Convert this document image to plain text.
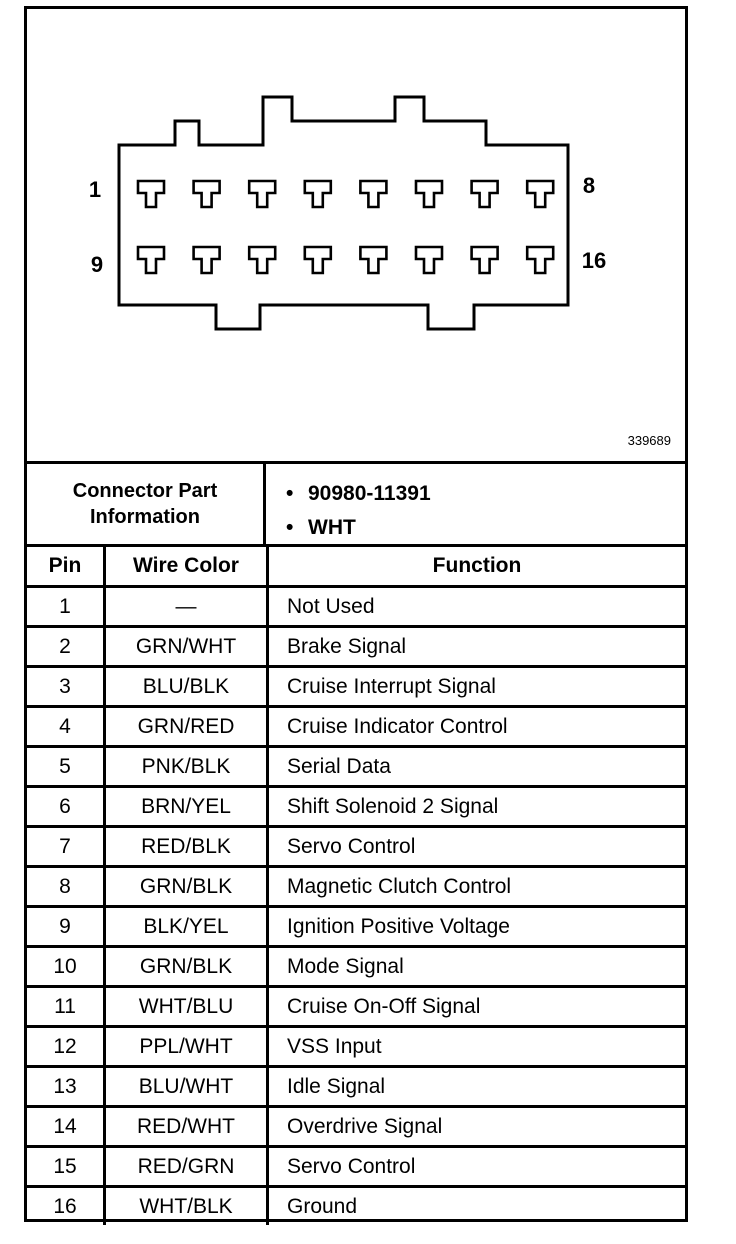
1	8
9	16
339689
Connector Part
Information
• 90980-11391
• WHT
Pin	Wire Color	Function
1	—	Not Used
2	GRN/WHT	Brake Signal
3	BLU/BLK	Cruise Interrupt Signal
4	GRN/RED	Cruise Indicator Control
5	PNK/BLK	Serial Data
6	BRN/YEL	Shift Solenoid 2 Signal
7	RED/BLK	Servo Control
8	GRN/BLK	Magnetic Clutch Control
9	BLK/YEL	Ignition Positive Voltage
10	GRN/BLK	Mode Signal
11	WHT/BLU	Cruise On-Off Signal
12	PPL/WHT	VSS Input
13	BLU/WHT	Idle Signal
14	RED/WHT	Overdrive Signal
15	RED/GRN	Servo Control
16	WHT/BLK	Ground
